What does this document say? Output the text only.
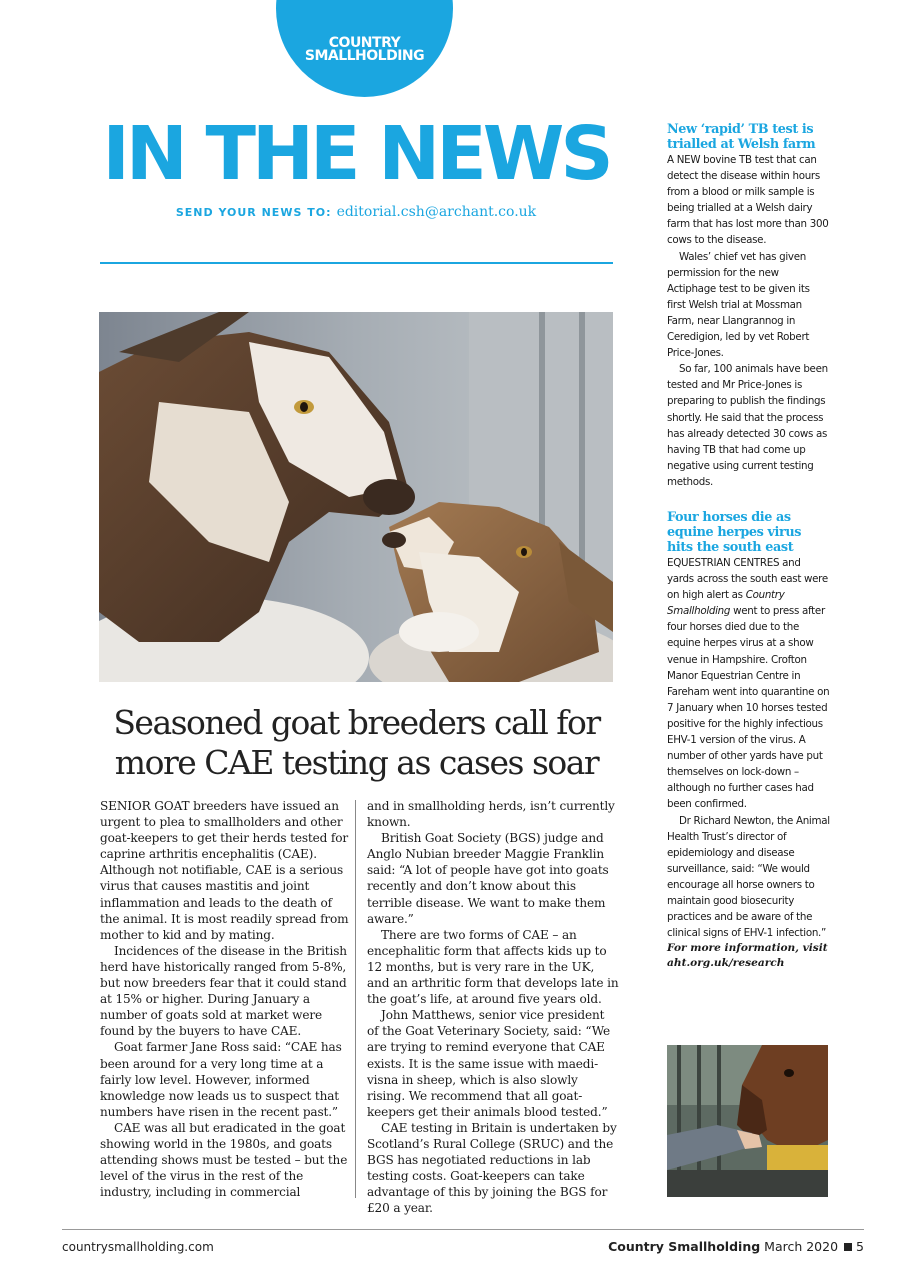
COUNTRY
SMALLHOLDING
IN THE NEWS
SEND YOUR NEWS TO: editorial.csh@archant.co.uk
Seasoned goat breeders call for
more CAE testing as cases soar

SENIOR GOAT breeders have issued an urgent to plea to smallholders and other goat-keepers to get their herds tested for caprine arthritis encephalitis (CAE). Although not notifiable, CAE is a serious virus that causes mastitis and joint inflammation and leads to the death of the animal. It is most readily spread from mother to kid and by mating.

Incidences of the disease in the British herd have historically ranged from 5-8%, but now breeders fear that it could stand at 15% or higher. During January a number of goats sold at market were found by the buyers to have CAE.

Goat farmer Jane Ross said: “CAE has been around for a very long time at a fairly low level. However, informed knowledge now leads us to suspect that numbers have risen in the recent past.”

CAE was all but eradicated in the goat showing world in the 1980s, and goats attending shows must be tested – but the level of the virus in the rest of the industry, including in commercial

and in smallholding herds, isn’t currently known.

British Goat Society (BGS) judge and Anglo Nubian breeder Maggie Franklin said: “A lot of people have got into goats recently and don’t know about this terrible disease. We want to make them aware.”

There are two forms of CAE – an encephalitic form that affects kids up to 12 months, but is very rare in the UK, and an arthritic form that develops late in the goat’s life, at around five years old.

John Matthews, senior vice president of the Goat Veterinary Society, said: “We are trying to remind everyone that CAE exists. It is the same issue with maedi-visna in sheep, which is also slowly rising. We recommend that all goat-keepers get their animals blood tested.”

CAE testing in Britain is undertaken by Scotland’s Rural College (SRUC) and the BGS has negotiated reductions in lab testing costs. Goat-keepers can take advantage of this by joining the BGS for £20 a year.

New ‘rapid’ TB test is trialled at Welsh farm

A NEW bovine TB test that can detect the disease within hours from a blood or milk sample is being trialled at a Welsh dairy farm that has lost more than 300 cows to the disease.

Wales’ chief vet has given permission for the new Actiphage test to be given its first Welsh trial at Mossman Farm, near Llangrannog in Ceredigion, led by vet Robert Price-Jones.

So far, 100 animals have been tested and Mr Price-Jones is preparing to publish the findings shortly. He said that the process has already detected 30 cows as having TB that had come up negative using current testing methods.

Four horses die as equine herpes virus hits the south east

EQUESTRIAN CENTRES and yards across the south east were on high alert as Country Smallholding went to press after four horses died due to the equine herpes virus at a show venue in Hampshire. Crofton Manor Equestrian Centre in Fareham went into quarantine on 7 January when 10 horses tested positive for the highly infectious EHV-1 version of the virus. A number of other yards have put themselves on lock-down – although no further cases had been confirmed.

Dr Richard Newton, the Animal Health Trust’s director of epidemiology and disease surveillance, said: “We would encourage all horse owners to maintain good biosecurity practices and be aware of the clinical signs of EHV-1 infection.”

For more information, visit aht.org.uk/research
countrysmallholding.com	Country Smallholding March 2020 5
